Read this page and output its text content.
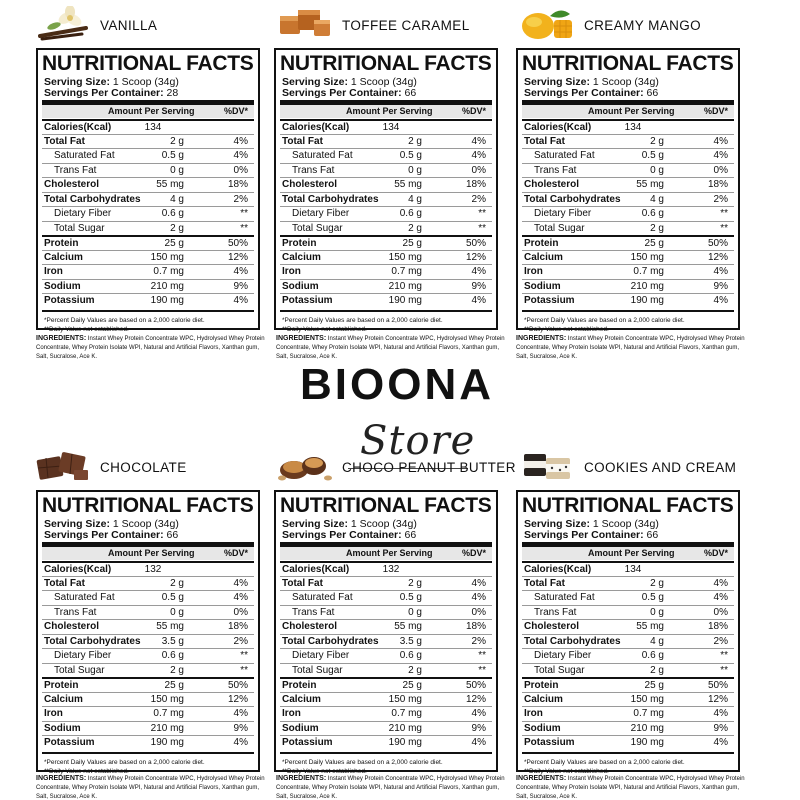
BIOONA
Store
VANILLA	TOFFEE CARAMEL	CREAMY MANGO
CHOCOLATE	CHOCO PEANUT BUTTER	COOKIES AND CREAM
NUTRITIONAL FACTS
Serving Size: 1 Scoop (34g)
Servings Per Container: 28
Amount Per Serving	%DV*
Calories(Kcal)	134
Total Fat	2 g	4%
Saturated Fat	0.5 g	4%
Trans Fat	0 g	0%
Cholesterol	55 mg	18%
Total Carbohydrates	4 g	2%
Dietary Fiber	0.6 g	**
Total Sugar	2 g	**
Protein	25 g	50%
Calcium	150 mg	12%
Iron	0.7 mg	4%
Sodium	210 mg	9%
Potassium	190 mg	4%
*Percent Daily Values are based on a 2,000 calorie diet.
**Daily Value not established.
INGREDIENTS: Instant Whey Protein Concentrate WPC, Hydrolysed Whey Protein Concentrate, Whey Protein Isolate WPI, Natural and Artificial Flavors, Xanthan gum, Salt, Sucralose, Ace K.
NUTRITIONAL FACTS
Serving Size: 1 Scoop (34g)
Servings Per Container: 66
Amount Per Serving	%DV*
Calories(Kcal)	134
Total Fat	2 g	4%
Saturated Fat	0.5 g	4%
Trans Fat	0 g	0%
Cholesterol	55 mg	18%
Total Carbohydrates	4 g	2%
Dietary Fiber	0.6 g	**
Total Sugar	2 g	**
Protein	25 g	50%
Calcium	150 mg	12%
Iron	0.7 mg	4%
Sodium	210 mg	9%
Potassium	190 mg	4%
*Percent Daily Values are based on a 2,000 calorie diet.
**Daily Value not established.
INGREDIENTS: Instant Whey Protein Concentrate WPC, Hydrolysed Whey Protein Concentrate, Whey Protein Isolate WPI, Natural and Artificial Flavors, Xanthan gum, Salt, Sucralose, Ace K.
NUTRITIONAL FACTS
Serving Size: 1 Scoop (34g)
Servings Per Container: 66
Amount Per Serving	%DV*
Calories(Kcal)	134
Total Fat	2 g	4%
Saturated Fat	0.5 g	4%
Trans Fat	0 g	0%
Cholesterol	55 mg	18%
Total Carbohydrates	4 g	2%
Dietary Fiber	0.6 g	**
Total Sugar	2 g	**
Protein	25 g	50%
Calcium	150 mg	12%
Iron	0.7 mg	4%
Sodium	210 mg	9%
Potassium	190 mg	4%
*Percent Daily Values are based on a 2,000 calorie diet.
**Daily Value not established.
INGREDIENTS: Instant Whey Protein Concentrate WPC, Hydrolysed Whey Protein Concentrate, Whey Protein Isolate WPI, Natural and Artificial Flavors, Xanthan gum, Salt, Sucralose, Ace K.
NUTRITIONAL FACTS
Serving Size: 1 Scoop (34g)
Servings Per Container: 66
Amount Per Serving	%DV*
Calories(Kcal)	132
Total Fat	2 g	4%
Saturated Fat	0.5 g	4%
Trans Fat	0 g	0%
Cholesterol	55 mg	18%
Total Carbohydrates 3.5 g	2%
Dietary Fiber	0.6 g	**
Total Sugar	2 g	**
Protein	25 g	50%
Calcium	150 mg	12%
Iron	0.7 mg	4%
Sodium	210 mg	9%
Potassium	190 mg	4%
*Percent Daily Values are based on a 2,000 calorie diet.
**Daily Value not established.
INGREDIENTS: Instant Whey Protein Concentrate WPC, Hydrolysed Whey Protein Concentrate, Whey Protein Isolate WPI, Natural and Artificial Flavors, Xanthan gum, Salt, Sucralose, Ace K.
NUTRITIONAL FACTS
Serving Size: 1 Scoop (34g)
Servings Per Container: 66
Amount Per Serving	%DV*
Calories(Kcal)	132
Total Fat	2 g	4%
Saturated Fat	0.5 g	4%
Trans Fat	0 g	0%
Cholesterol	55 mg	18%
Total Carbohydrates 3.5 g	2%
Dietary Fiber	0.6 g	**
Total Sugar	2 g	**
Protein	25 g	50%
Calcium	150 mg	12%
Iron	0.7 mg	4%
Sodium	210 mg	9%
Potassium	190 mg	4%
*Percent Daily Values are based on a 2,000 calorie diet.
**Daily Value not established.
INGREDIENTS: Instant Whey Protein Concentrate WPC, Hydrolysed Whey Protein Concentrate, Whey Protein Isolate WPI, Natural and Artificial Flavors, Xanthan gum, Salt, Sucralose, Ace K.
NUTRITIONAL FACTS
Serving Size: 1 Scoop (34g)
Servings Per Container: 66
Amount Per Serving	%DV*
Calories(Kcal)	134
Total Fat	2 g	4%
Saturated Fat	0.5 g	4%
Trans Fat	0 g	0%
Cholesterol	55 mg	18%
Total Carbohydrates	4 g	2%
Dietary Fiber	0.6 g	**
Total Sugar	2 g	**
Protein	25 g	50%
Calcium	150 mg	12%
Iron	0.7 mg	4%
Sodium	210 mg	9%
Potassium	190 mg	4%
*Percent Daily Values are based on a 2,000 calorie diet.
**Daily Value not established.
INGREDIENTS: Instant Whey Protein Concentrate WPC, Hydrolysed Whey Protein Concentrate, Whey Protein Isolate WPI, Natural and Artificial Flavors, Xanthan gum, Salt, Sucralose, Ace K.
